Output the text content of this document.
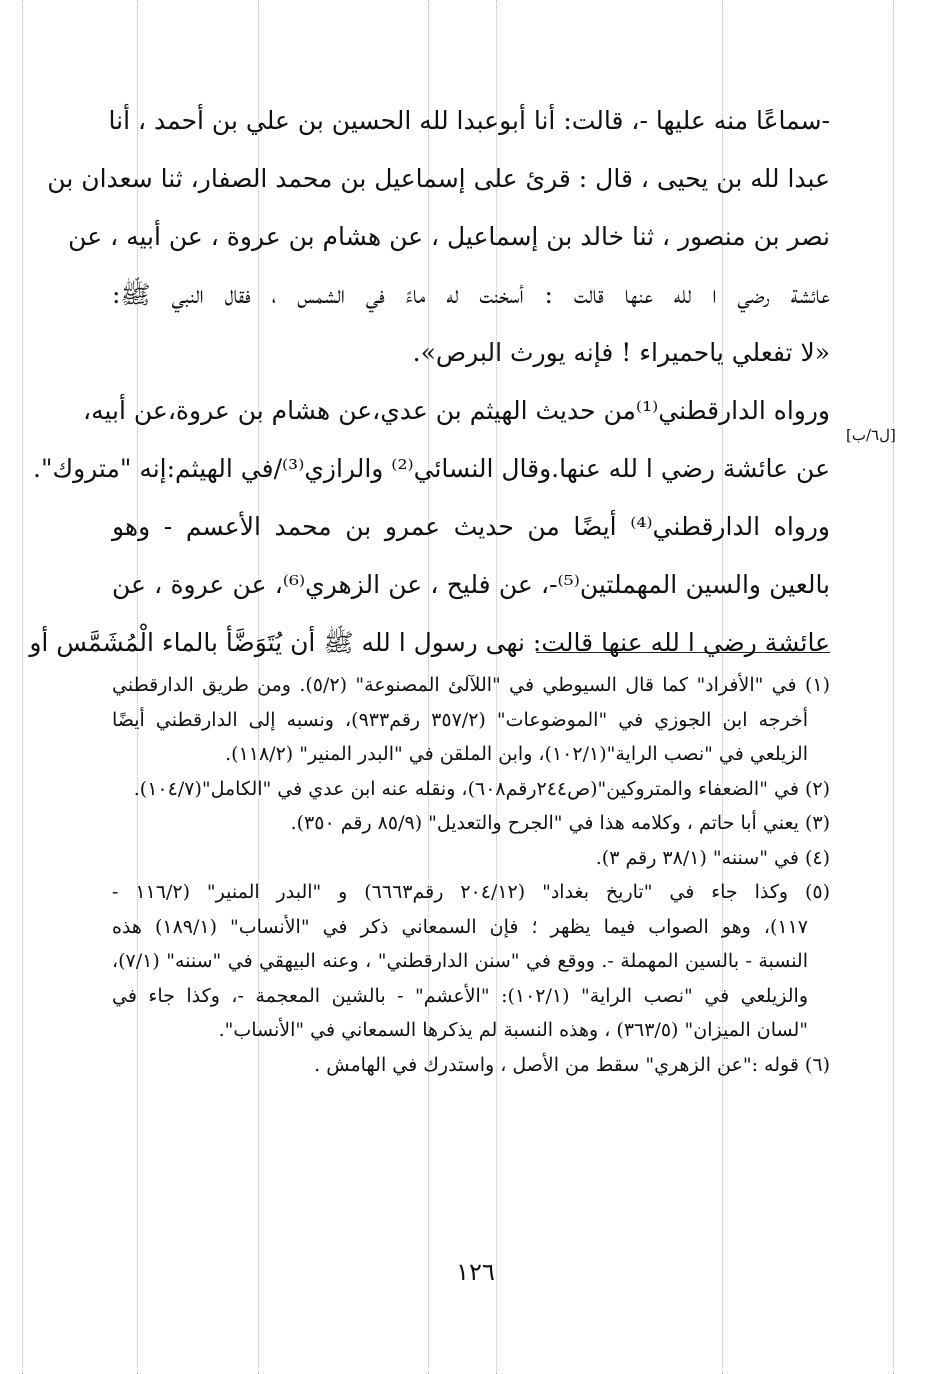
-سماعًا منه عليها -، قالت: أنا أبوعبدا لله الحسين بن علي بن أحمد ، أنا
عبدا لله بن يحيى ، قال : قرئ على إسماعيل بن محمد الصفار، ثنا سعدان بن
نصر بن منصور ، ثنا خالد بن إسماعيل ، عن هشام بن عروة ، عن أبيه ، عن
عائشة رضي ا لله عنها قالت : أسخنت له ماءً في الشمس ، فقال النبي ﷺ:
«لا تفعلي ياحميراء ! فإنه يورث البرص».
ورواه الدارقطني⁽¹⁾من حديث الهيثم بن عدي،عن هشام بن عروة،عن أبيه،
عن عائشة رضي ا لله عنها.وقال النسائي⁽²⁾ والرازي⁽³⁾/في الهيثم:إنه "متروك".
ورواه الدارقطني⁽⁴⁾ أيضًا من حديث عمرو بن محمد الأعسم - وهو
بالعين والسين المهملتين⁽⁵⁾-، عن فليح ، عن الزهري⁽⁶⁾، عن عروة ، عن
عائشة رضي ا لله عنها قالت: نهى رسول ا لله ﷺ أن يُتَوَضَّأ بالماء الْمُشَمَّس أو
[ل٦/ب]
(١) في "الأفراد" كما قال السيوطي في "اللآلئ المصنوعة" (٥/٢). ومن طريق الدارقطني
أخرجه ابن الجوزي في "الموضوعات" (٣٥٧/٢ رقم٩٣٣)، ونسبه إلى الدارقطني أيضًا
الزيلعي في "نصب الراية"(١٠٢/١)، وابن الملقن في "البدر المنير" (١١٨/٢).
(٢) في "الضعفاء والمتروكين"(ص٢٤٤رقم٦٠٨)، ونقله عنه ابن عدي في "الكامل"(١٠٤/٧).
(٣) يعني أبا حاتم ، وكلامه هذا في "الجرح والتعديل" (٨٥/٩ رقم ٣٥٠).
(٤) في "سننه" (٣٨/١ رقم ٣).
(٥) وكذا جاء في "تاريخ بغداد" (٢٠٤/١٢ رقم٦٦٦٣) و "البدر المنير" (١١٦/٢ -
١١٧)، وهو الصواب فيما يظهر ؛ فإن السمعاني ذكر في "الأنساب" (١٨٩/١) هذه
النسبة - بالسين المهملة -. ووقع في "سنن الدارقطني" ، وعنه البيهقي في "سننه" (٧/١)،
والزيلعي في "نصب الراية" (١٠٢/١): "الأعشم" - بالشين المعجمة -، وكذا جاء في
"لسان الميزان" (٣٦٣/٥) ، وهذه النسبة لم يذكرها السمعاني في "الأنساب".
(٦) قوله :"عن الزهري" سقط من الأصل ، واستدرك في الهامش .
١٢٦
